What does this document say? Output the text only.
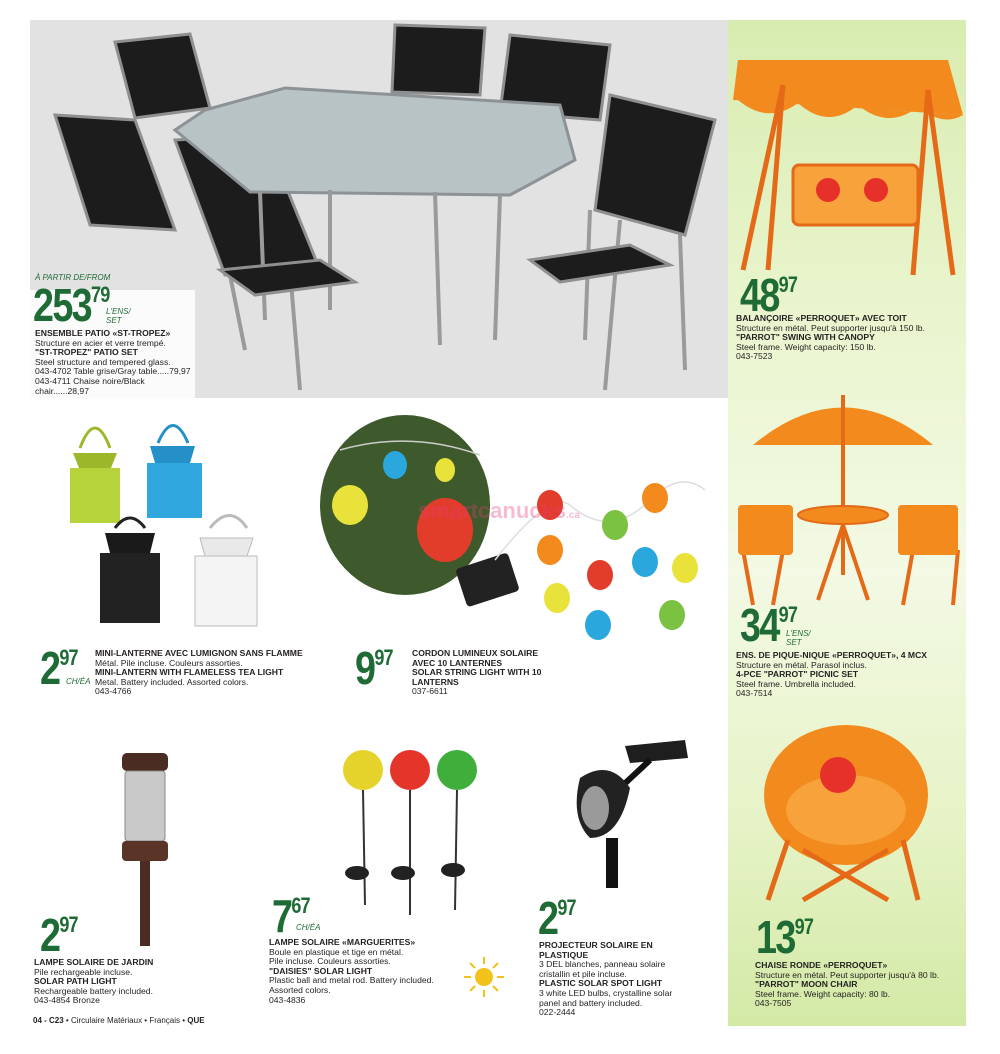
À PARTIR DE/FROM
25379
L'ENS/ SET
ENSEMBLE PATIO «ST-TROPEZ»
Structure en acier et verre trempé.
"ST-TROPEZ" PATIO SET
Steel structure and tempered glass.
043-4702 Table grise/Gray table.....79,97
043-4711 Chaise noire/Black chair......28,97
4897
BALANÇOIRE «PERROQUET» AVEC TOIT
Structure en métal. Peut supporter jusqu'à 150 lb.
"PARROT" SWING WITH CANOPY
Steel frame. Weight capacity: 150 lb.
043-7523
3497
L'ENS/ SET
ENS. DE PIQUE-NIQUE «PERROQUET», 4 MCX
Structure en métal. Parasol inclus.
4-PCE "PARROT" PICNIC SET
Steel frame. Umbrella included.
043-7514
1397
CHAISE RONDE «PERROQUET»
Structure en métal. Peut supporter jusqu'à 80 lb.
"PARROT" MOON CHAIR
Steel frame. Weight capacity: 80 lb.
043-7505
297
CH/ÉA
MINI-LANTERNE AVEC LUMIGNON SANS FLAMME
Métal. Pile incluse. Couleurs assorties.
MINI-LANTERN WITH FLAMELESS TEA LIGHT
Metal. Battery included. Assorted colors.
043-4766
smartcanucks.ca
997 CORDON LUMINEUX SOLAIRE
AVEC 10 LANTERNES
SOLAR STRING LIGHT WITH 10
LANTERNS
037-6611
297
LAMPE SOLAIRE DE JARDIN
Pile rechargeable incluse.
SOLAR PATH LIGHT
Rechargeable battery included.
043-4854 Bronze
767
CH/ÉA
LAMPE SOLAIRE «MARGUERITES»
Boule en plastique et tige en métal.
Pile incluse. Couleurs assorties.
"DAISIES" SOLAR LIGHT
Plastic ball and metal rod. Battery included.
Assorted colors.
043-4836
297
PROJECTEUR SOLAIRE EN
PLASTIQUE
3 DEL blanches, panneau solaire
cristallin et pile incluse.
PLASTIC SOLAR SPOT LIGHT
3 white LED bulbs, crystalline solar
panel and battery included.
022-2444
04 - C23 • Circulaire Matériaux • Français • QUE
